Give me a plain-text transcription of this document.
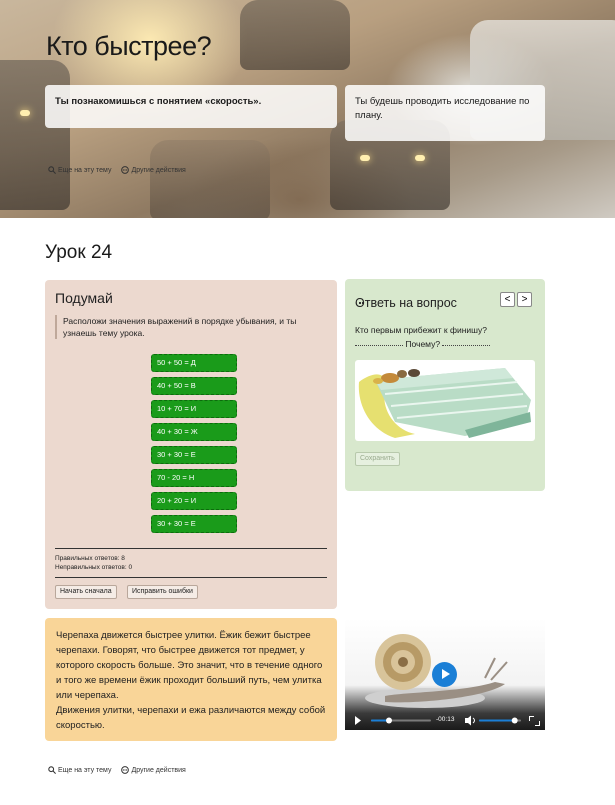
Кто быстрее?
Ты познакомишься с понятием «скорость».	Ты будешь проводить исследование по плану.
Еще на эту тему	Другие действия
Урок 24
Подумай
Расположи значения выражений в порядке убывания, и ты узнаешь тему урока.
50 + 50 = Д
40 + 50 = В
10 + 70 = И
40 + 30 = Ж
30 + 30 = Е
70 - 20 = Н
20 + 20 = И
30 + 30 = Е
Правильных ответов: 8
Неправильных ответов: 0
Начать сначала	Исправить ошибки
Ответь на вопрос	<	>
Кто первым прибежит к финишу?
Почему?
Сохранить
Черепаха движется быстрее улитки. Ёжик бежит быстрее черепахи. Говорят, что быстрее движется тот предмет, у которого скорость больше. Это значит, что в течение одного и того же времени ёжик проходит больший путь, чем улитка или черепаха.
Движения улитки, черепахи и ежа различаются между собой скоростью.
-00:13
Еще на эту тему	Другие действия
